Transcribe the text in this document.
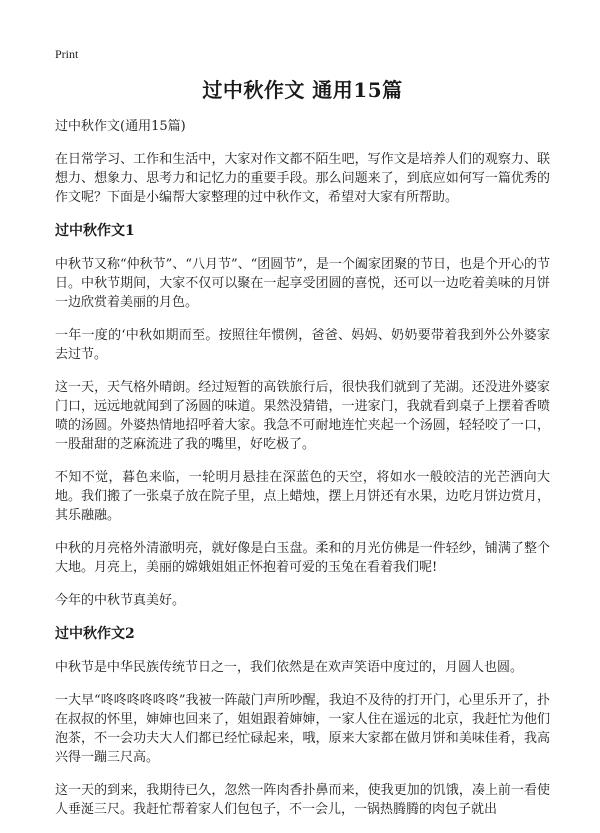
Print
过中秋作文 通用15篇
过中秋作文(通用15篇)

在日常学习、工作和生活中，大家对作文都不陌生吧，写作文是培养人们的观察力、联想力、想象力、思考力和记忆力的重要手段。那么问题来了，到底应如何写一篇优秀的作文呢？下面是小编帮大家整理的过中秋作文，希望对大家有所帮助。

过中秋作文1

中秋节又称“仲秋节”、“八月节”、“团圆节”，是一个阖家团聚的节日，也是个开心的节日。中秋节期间，大家不仅可以聚在一起享受团圆的喜悦，还可以一边吃着美味的月饼一边欣赏着美丽的月色。

一年一度的‘中秋如期而至。按照往年惯例，爸爸、妈妈、奶奶要带着我到外公外婆家去过节。

这一天，天气格外晴朗。经过短暂的高铁旅行后，很快我们就到了芜湖。还没进外婆家门口，远远地就闻到了汤圆的味道。果然没猜错，一进家门，我就看到桌子上摆着香喷喷的汤圆。外婆热情地招呼着大家。我急不可耐地连忙夹起一个汤圆，轻轻咬了一口，一股甜甜的芝麻流进了我的嘴里，好吃极了。

不知不觉，暮色来临，一轮明月悬挂在深蓝色的天空，将如水一般皎洁的光芒洒向大地。我们搬了一张桌子放在院子里，点上蜡烛，摆上月饼还有水果，边吃月饼边赏月，其乐融融。

中秋的月亮格外清澈明亮，就好像是白玉盘。柔和的月光仿佛是一件轻纱，铺满了整个大地。月亮上，美丽的嫦娥姐姐正怀抱着可爱的玉兔在看着我们呢!

今年的中秋节真美好。

过中秋作文2

中秋节是中华民族传统节日之一，我们依然是在欢声笑语中度过的，月圆人也圆。

一大早“咚咚咚咚咚咚”我被一阵敲门声所吵醒，我迫不及待的打开门，心里乐开了，扑在叔叔的怀里，婶婶也回来了，姐姐跟着婶婶，一家人住在遥远的北京，我赶忙为他们泡茶，不一会功夫大人们都已经忙碌起来，哦，原来大家都在做月饼和美味佳肴，我高兴得一蹦三尺高。

这一天的到来，我期待已久，忽然一阵肉香扑鼻而来，使我更加的饥饿，凑上前一看使人垂涎三尺。我赶忙帮着家人们包包子，不一会儿，一锅热腾腾的肉包子就出
